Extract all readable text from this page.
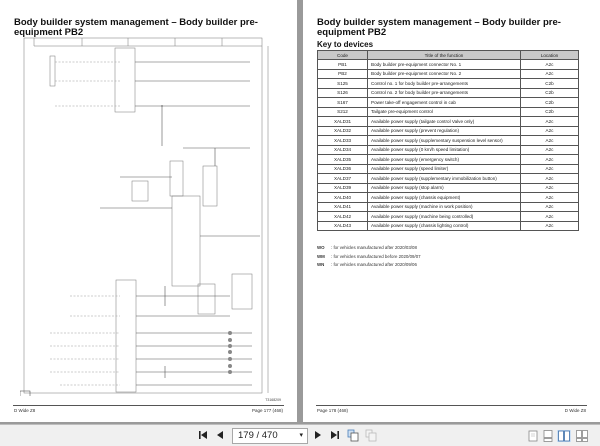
Body builder system management – Body builder pre-equipment PB2
T3168209
D Wide Z8	Page 177 (468)
Body builder system management – Body builder pre-equipment PB2
Key to devices
Code	Title of the function	Location
PB1	Body builder pre-equipment connector No. 1	A2c
PB2	Body builder pre-equipment connector No. 2	A2c
S125	Control no. 1 for body builder pre-arrangements	C2b
S126	Control no. 2 for body builder pre-arrangements	C2b
S167	Power take-off engagement control in cab	C2b
S212	Tailgate pre-equipment control	C2b
XALD31	Available power supply (tailgate control Valve only)	A2c
XALD32	Available power supply (prevent regulation)	A2c
XALD33	Available power supply (supplementary suspension level sensor)	A2c
XALD34	Available power supply (0 km/h speed limitation)	A2c
XALD35	Available power supply (emergency switch)	A2c
XALD36	Available power supply (speed limiter)	A2c
XALD37	Available power supply (supplementary immobilization button)	A2c
XALD39	Available power supply (stop alarm)	A2c
XALD40	Available power supply (chassis equipment)	A2c
XALD41	Available power supply (machine in work position)	A2c
XALD42	Available power supply (machine being controlled)	A2c
XALD43	Available power supply (chassis lighting control)	A2c
WO : for vehicles manufactured after 2020/03/08
WM : for vehicles manufactured before 2020/09/07
WN : for vehicles manufactured after 2020/09/06
Page 178 (468)	D Wide Z8
179 / 470	▾
